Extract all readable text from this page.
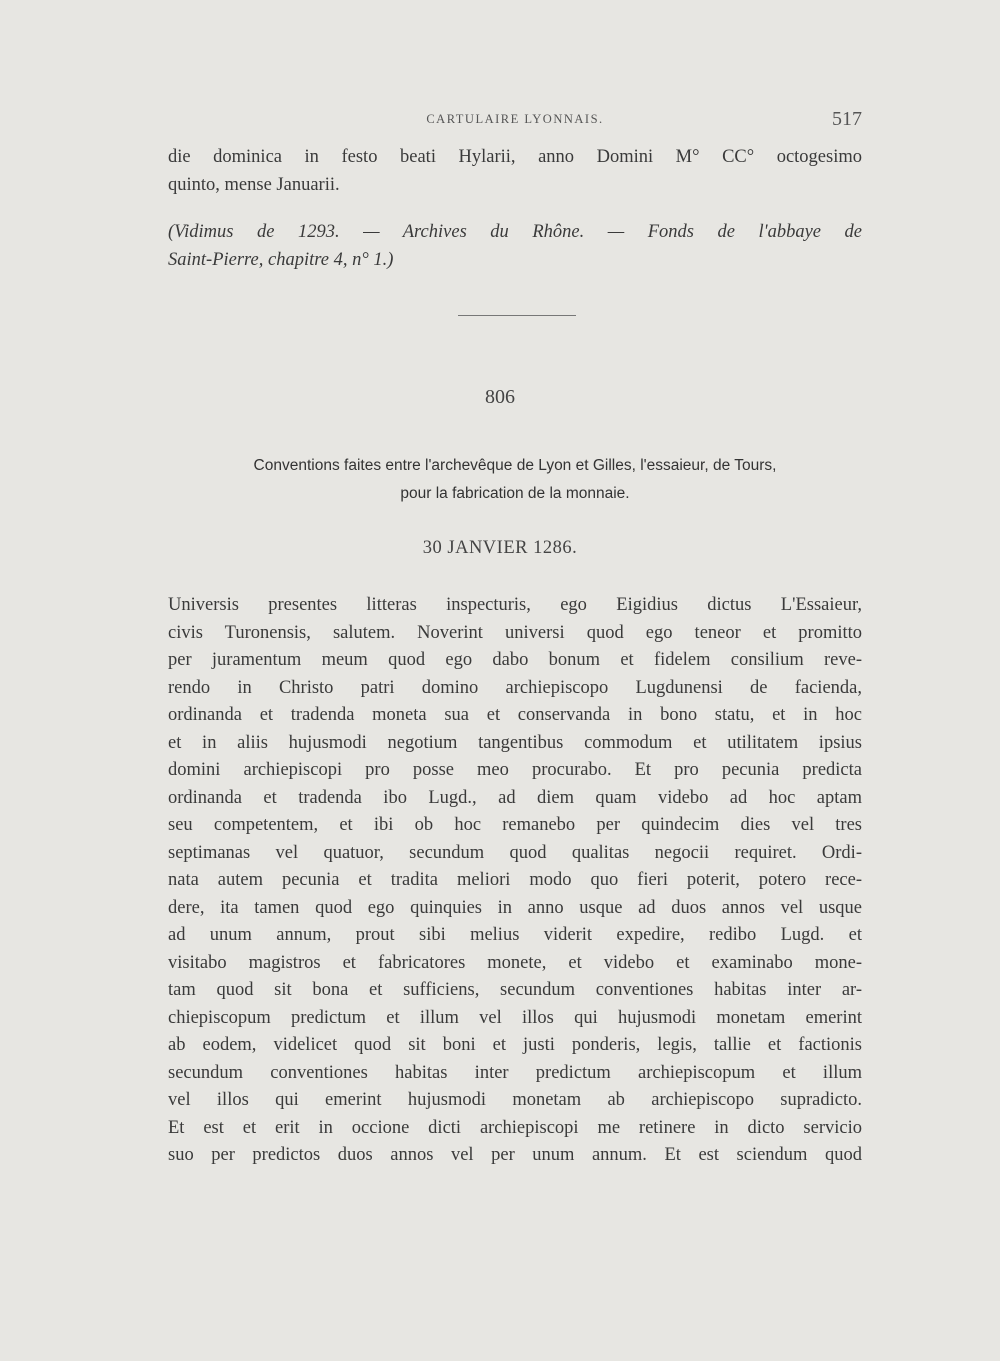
CARTULAIRE LYONNAIS.	517
die dominica in festo beati Hylarii, anno Domini M° CC° octogesimo
quinto, mense Januarii.
(Vidimus de 1293. — Archives du Rhône. — Fonds de l'abbaye de
Saint-Pierre, chapitre 4, n° 1.)
806
Conventions faites entre l'archevêque de Lyon et Gilles, l'essaieur, de Tours,
pour la fabrication de la monnaie.
30 JANVIER 1286.
Universis presentes litteras inspecturis, ego Eigidius dictus L'Essaieur,
civis Turonensis, salutem. Noverint universi quod ego teneor et promitto
per juramentum meum quod ego dabo bonum et fidelem consilium reve-
rendo in Christo patri domino archiepiscopo Lugdunensi de facienda,
ordinanda et tradenda moneta sua et conservanda in bono statu, et in hoc
et in aliis hujusmodi negotium tangentibus commodum et utilitatem ipsius
domini archiepiscopi pro posse meo procurabo. Et pro pecunia predicta
ordinanda et tradenda ibo Lugd., ad diem quam videbo ad hoc aptam
seu competentem, et ibi ob hoc remanebo per quindecim dies vel tres
septimanas vel quatuor, secundum quod qualitas negocii requiret. Ordi-
nata autem pecunia et tradita meliori modo quo fieri poterit, potero rece-
dere, ita tamen quod ego quinquies in anno usque ad duos annos vel usque
ad unum annum, prout sibi melius viderit expedire, redibo Lugd. et
visitabo magistros et fabricatores monete, et videbo et examinabo mone-
tam quod sit bona et sufficiens, secundum conventiones habitas inter ar-
chiepiscopum predictum et illum vel illos qui hujusmodi monetam emerint
ab eodem, videlicet quod sit boni et justi ponderis, legis, tallie et factionis
secundum conventiones habitas inter predictum archiepiscopum et illum
vel illos qui emerint hujusmodi monetam ab archiepiscopo supradicto.
Et est et erit in occione dicti archiepiscopi me retinere in dicto servicio
suo per predictos duos annos vel per unum annum. Et est sciendum quod
